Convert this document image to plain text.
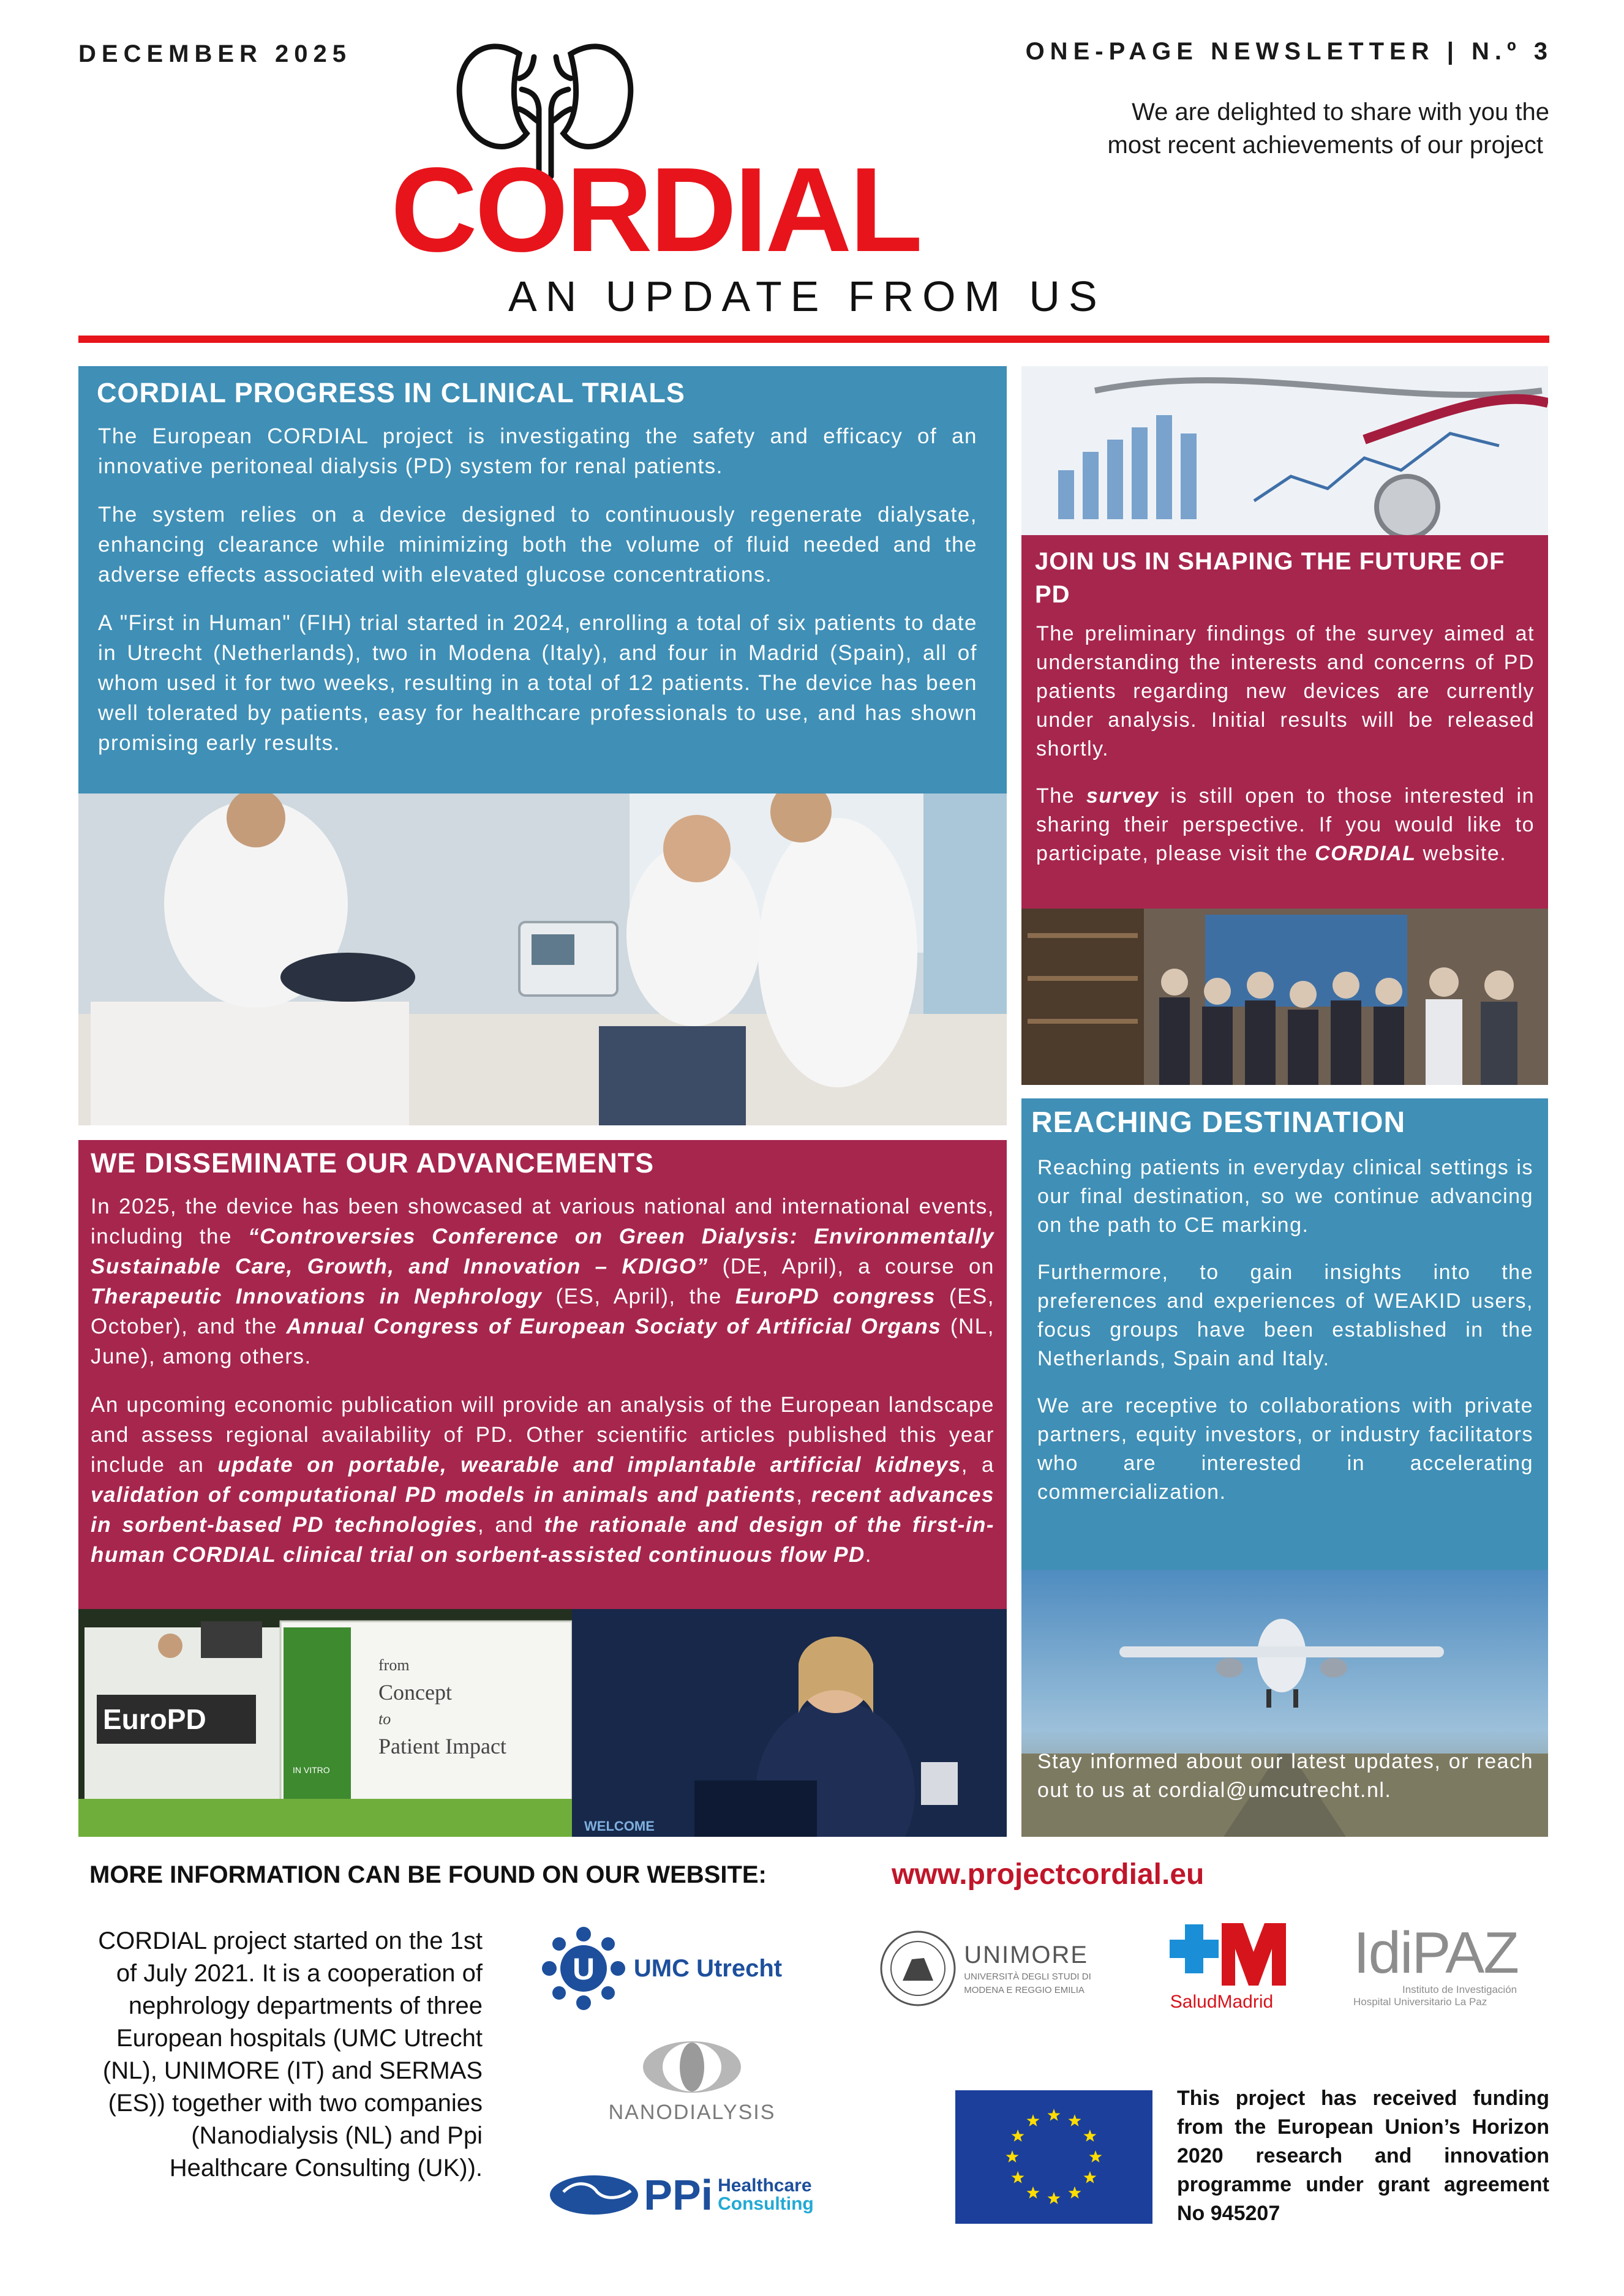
DECEMBER 2025	ONE-PAGE NEWSLETTER | N.º 3
We are delighted to share with you the
most recent achievements of our project
CORDIAL
AN UPDATE FROM US
CORDIAL PROGRESS IN CLINICAL TRIALS

The European CORDIAL project is investigating the safety and efficacy of an innovative peritoneal dialysis (PD) system for renal patients.

The system relies on a device designed to continuously regenerate dialysate, enhancing clearance while minimizing both the volume of fluid needed and the adverse effects associated with elevated glucose concentrations.

A "First in Human" (FIH) trial started in 2024, enrolling a total of six patients to date in Utrecht (Netherlands), two in Modena (Italy), and four in Madrid (Spain), all of whom used it for two weeks, resulting in a total of 12 patients. The device has been well tolerated by patients, easy for healthcare professionals to use, and has shown promising early results.

JOIN US IN SHAPING THE FUTURE OF PD

The preliminary findings of the survey aimed at understanding the interests and concerns of PD patients regarding new devices are currently under analysis. Initial results will be released shortly.

The survey is still open to those interested in sharing their perspective. If you would like to participate, please visit the CORDIAL website.

WE DISSEMINATE OUR ADVANCEMENTS

In 2025, the device has been showcased at various national and international events, including the “Controversies Conference on Green Dialysis: Environmentally Sustainable Care, Growth, and Innovation – KDIGO” (DE, April), a course on Therapeutic Innovations in Nephrology (ES, April), the EuroPD congress (ES, October), and the Annual Congress of European Sociaty of Artificial Organs (NL, June), among others.

An upcoming economic publication will provide an analysis of the European landscape and assess regional availability of PD. Other scientific articles published this year include an update on portable, wearable and implantable artificial kidneys, a validation of computational PD models in animals and patients, recent advances in sorbent-based PD technologies, and the rationale and design of the first-in-human CORDIAL clinical trial on sorbent-assisted continuous flow PD.

EuroPD
IN VITRO
from
Concept
to
Patient Impact
WELCOME
REACHING DESTINATION

Reaching patients in everyday clinical settings is our final destination, so we continue advancing on the path to CE marking.

Furthermore, to gain insights into the preferences and experiences of WEAKID users, focus groups have been established in the Netherlands, Spain and Italy.

We are receptive to collaborations with private partners, equity investors, or industry facilitators who are interested in accelerating commercialization.

Stay informed about our latest updates, or reach out to us at cordial@umcutrecht.nl.
MORE INFORMATION CAN BE FOUND ON OUR WEBSITE:	www.projectcordial.eu
CORDIAL project started on the 1st of July 2021. It is a cooperation of nephrology departments of three European hospitals (UMC Utrecht (NL), UNIMORE (IT) and SERMAS (ES)) together with two companies (Nanodialysis (NL) and Ppi Healthcare Consulting (UK)).
U UMC Utrecht	UNIMORE
UNIVERSITÀ DEGLI STUDI DI
MODENA E REGGIO EMILIA
SaludMadrid
IdiPAZ
Instituto de Investigación
Hospital Universitario La Paz
NANODIALYSIS
PPi Healthcare
Consulting
This project has received funding from the European Union’s Horizon 2020 research and innovation programme under grant agreement No 945207
